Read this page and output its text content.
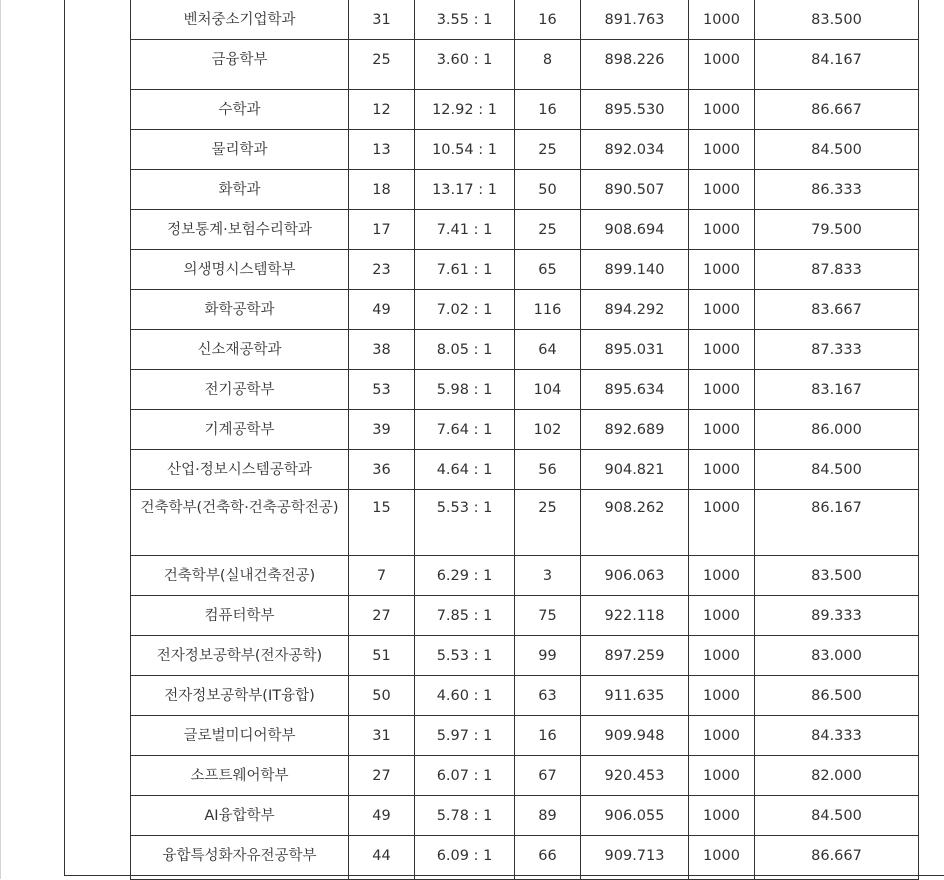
벤처중소기업학과	31	3.55 : 1	16	891.763	1000	83.500
금융학부	25	3.60 : 1	8	898.226	1000	84.167
수학과	12	12.92 : 1	16	895.530	1000	86.667
물리학과	13	10.54 : 1	25	892.034	1000	84.500
화학과	18	13.17 : 1	50	890.507	1000	86.333
정보통계·보험수리학과	17	7.41 : 1	25	908.694	1000	79.500
의생명시스템학부	23	7.61 : 1	65	899.140	1000	87.833
화학공학과	49	7.02 : 1	116	894.292	1000	83.667
신소재공학과	38	8.05 : 1	64	895.031	1000	87.333
전기공학부	53	5.98 : 1	104	895.634	1000	83.167
기계공학부	39	7.64 : 1	102	892.689	1000	86.000
산업·정보시스템공학과	36	4.64 : 1	56	904.821	1000	84.500
건축학부(건축학·건축공학전공)	15	5.53 : 1	25	908.262	1000	86.167
건축학부(실내건축전공)	7	6.29 : 1	3	906.063	1000	83.500
컴퓨터학부	27	7.85 : 1	75	922.118	1000	89.333
전자정보공학부(전자공학)	51	5.53 : 1	99	897.259	1000	83.000
전자정보공학부(IT융합)	50	4.60 : 1	63	911.635	1000	86.500
글로벌미디어학부	31	5.97 : 1	16	909.948	1000	84.333
소프트웨어학부	27	6.07 : 1	67	920.453	1000	82.000
AI융합학부	49	5.78 : 1	89	906.055	1000	84.500
융합특성화자유전공학부	44	6.09 : 1	66	909.713	1000	86.667
